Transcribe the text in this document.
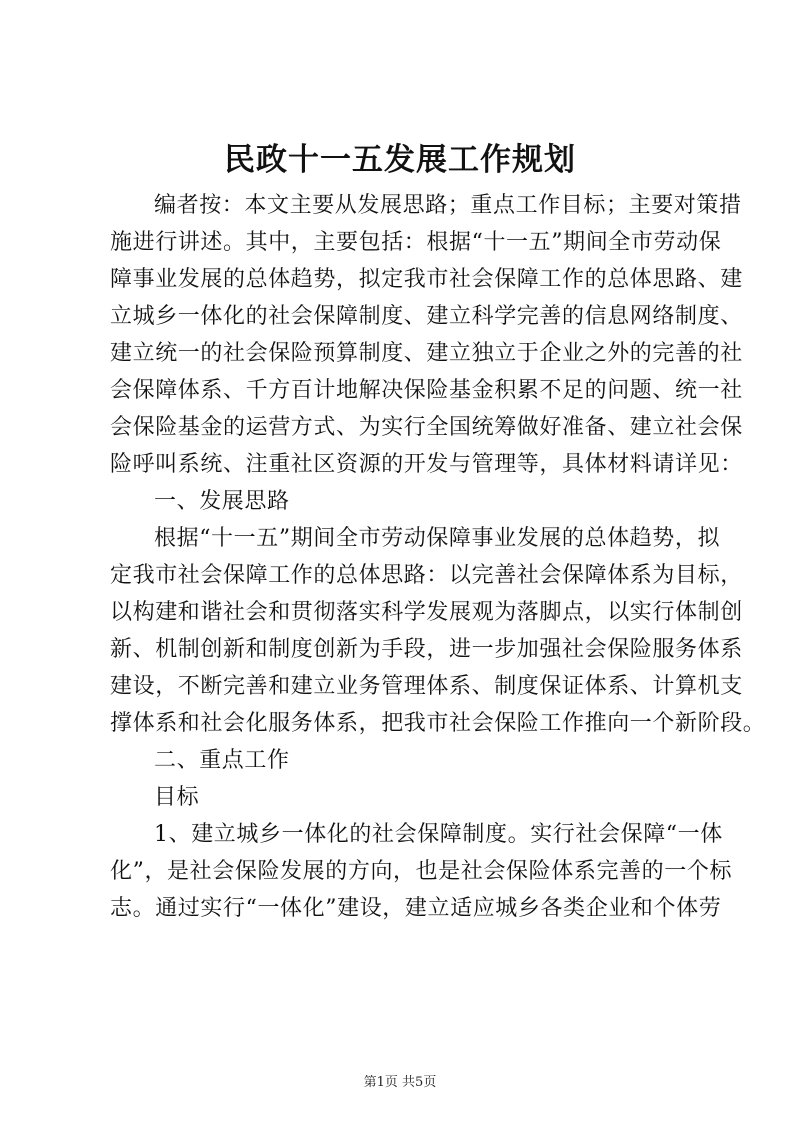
民政十一五发展工作规划
编者按：本文主要从发展思路；重点工作目标；主要对策措
施进行讲述。其中，主要包括：根据“十一五”期间全市劳动保
障事业发展的总体趋势，拟定我市社会保障工作的总体思路、建
立城乡一体化的社会保障制度、建立科学完善的信息网络制度、
建立统一的社会保险预算制度、建立独立于企业之外的完善的社
会保障体系、千方百计地解决保险基金积累不足的问题、统一社
会保险基金的运营方式、为实行全国统筹做好准备、建立社会保
险呼叫系统、注重社区资源的开发与管理等，具体材料请详见：
一、发展思路
根据“十一五”期间全市劳动保障事业发展的总体趋势，拟
定我市社会保障工作的总体思路：以完善社会保障体系为目标，
以构建和谐社会和贯彻落实科学发展观为落脚点，以实行体制创
新、机制创新和制度创新为手段，进一步加强社会保险服务体系
建设，不断完善和建立业务管理体系、制度保证体系、计算机支
撑体系和社会化服务体系，把我市社会保险工作推向一个新阶段。
二、重点工作
目标
1、建立城乡一体化的社会保障制度。实行社会保障“一体
化”，是社会保险发展的方向，也是社会保险体系完善的一个标
志。通过实行“一体化”建设，建立适应城乡各类企业和个体劳
第1页 共5页
